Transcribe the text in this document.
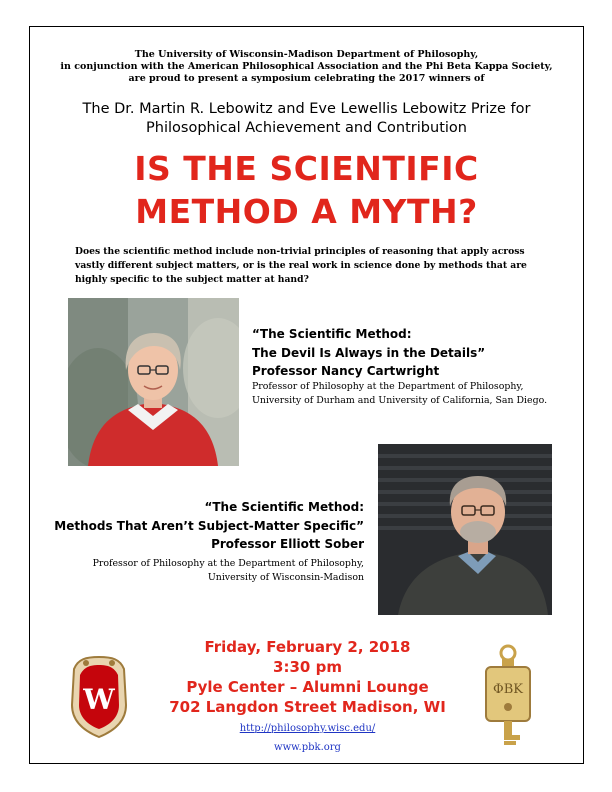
The University of Wisconsin-Madison Department of Philosophy,
in conjunction with the American Philosophical Association and the Phi Beta Kappa Society,
are proud to present a symposium celebrating the 2017 winners of
The Dr. Martin R. Lebowitz and Eve Lewellis Lebowitz Prize for
Philosophical Achievement and Contribution
IS THE SCIENTIFIC
METHOD A MYTH?
Does the scientific method include non-trivial principles of reasoning that apply across vastly different subject matters, or is the real work in science done by methods that are highly specific to the subject matter at hand?
“The Scientific Method:
The Devil Is Always in the Details”
Professor Nancy Cartwright
Professor of Philosophy at the Department of Philosophy,
University of Durham and University of California, San Diego.
“The Scientific Method:
Methods That Aren’t Subject-Matter Specific”
Professor Elliott Sober
Professor of Philosophy at the Department of Philosophy,
University of Wisconsin-Madison
W
Friday, February 2, 2018
3:30 pm
Pyle Center – Alumni Lounge
702 Langdon Street Madison, WI
http://philosophy.wisc.edu/
www.pbk.org
ΦΒΚ
